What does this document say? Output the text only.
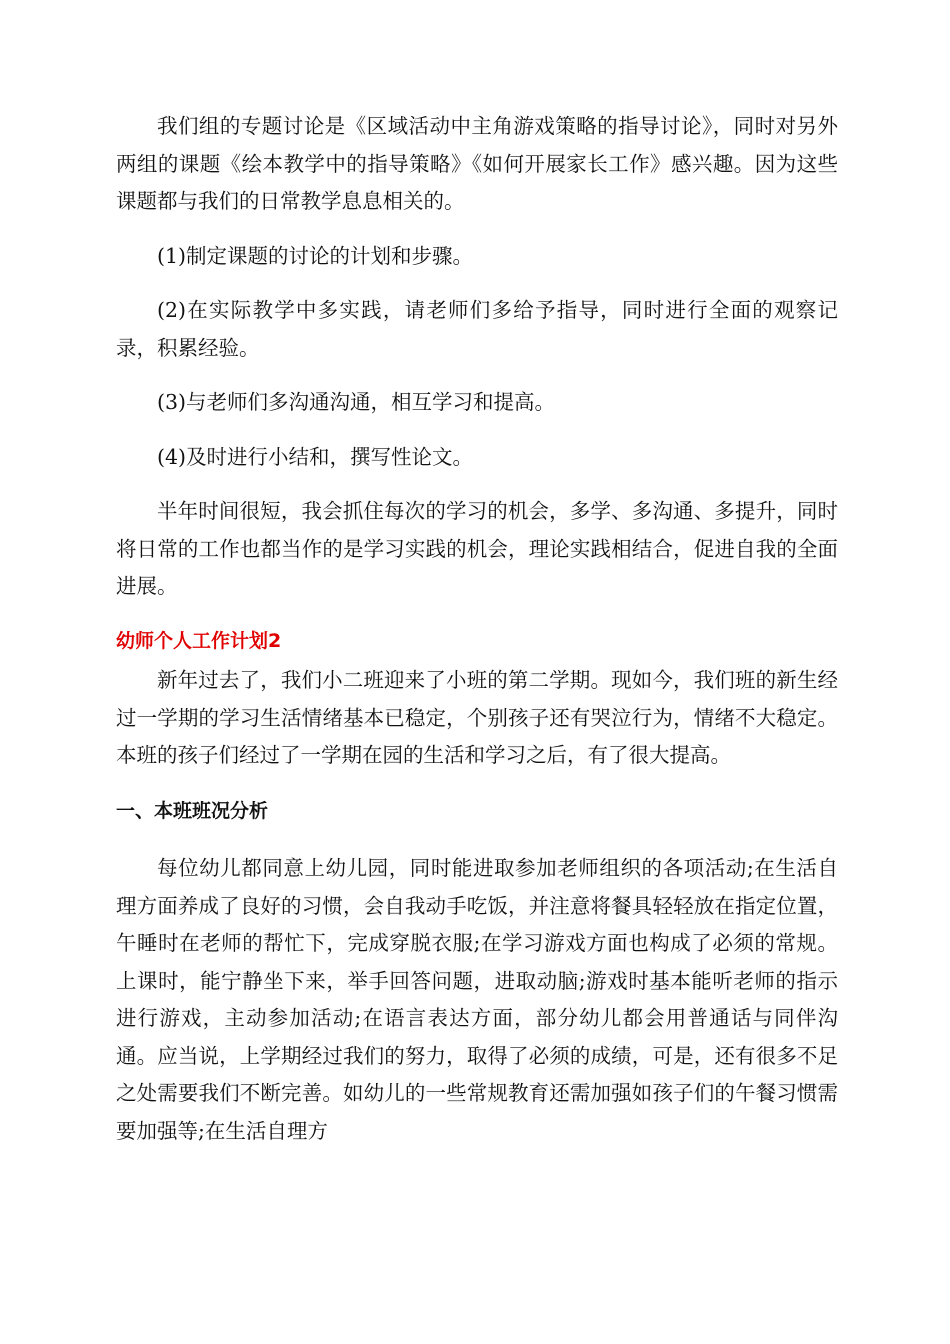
我们组的专题讨论是《区域活动中主角游戏策略的指导讨论》，同时对另外两组的课题《绘本教学中的指导策略》《如何开展家长工作》感兴趣。因为这些课题都与我们的日常教学息息相关的。

(1)制定课题的讨论的计划和步骤。

(2)在实际教学中多实践，请老师们多给予指导，同时进行全面的观察记录，积累经验。

(3)与老师们多沟通沟通，相互学习和提高。

(4)及时进行小结和，撰写性论文。

半年时间很短，我会抓住每次的学习的机会，多学、多沟通、多提升，同时将日常的工作也都当作的是学习实践的机会，理论实践相结合，促进自我的全面进展。

幼师个人工作计划2

新年过去了，我们小二班迎来了小班的第二学期。现如今，我们班的新生经过一学期的学习生活情绪基本已稳定，个别孩子还有哭泣行为，情绪不大稳定。本班的孩子们经过了一学期在园的生活和学习之后，有了很大提高。

一、本班班况分析

每位幼儿都同意上幼儿园，同时能进取参加老师组织的各项活动;在生活自理方面养成了良好的习惯，会自我动手吃饭，并注意将餐具轻轻放在指定位置，午睡时在老师的帮忙下，完成穿脱衣服;在学习游戏方面也构成了必须的常规。上课时，能宁静坐下来，举手回答问题，进取动脑;游戏时基本能听老师的指示进行游戏，主动参加活动;在语言表达方面，部分幼儿都会用普通话与同伴沟通。应当说，上学期经过我们的努力，取得了必须的成绩，可是，还有很多不足之处需要我们不断完善。如幼儿的一些常规教育还需加强如孩子们的午餐习惯需要加强等;在生活自理方
